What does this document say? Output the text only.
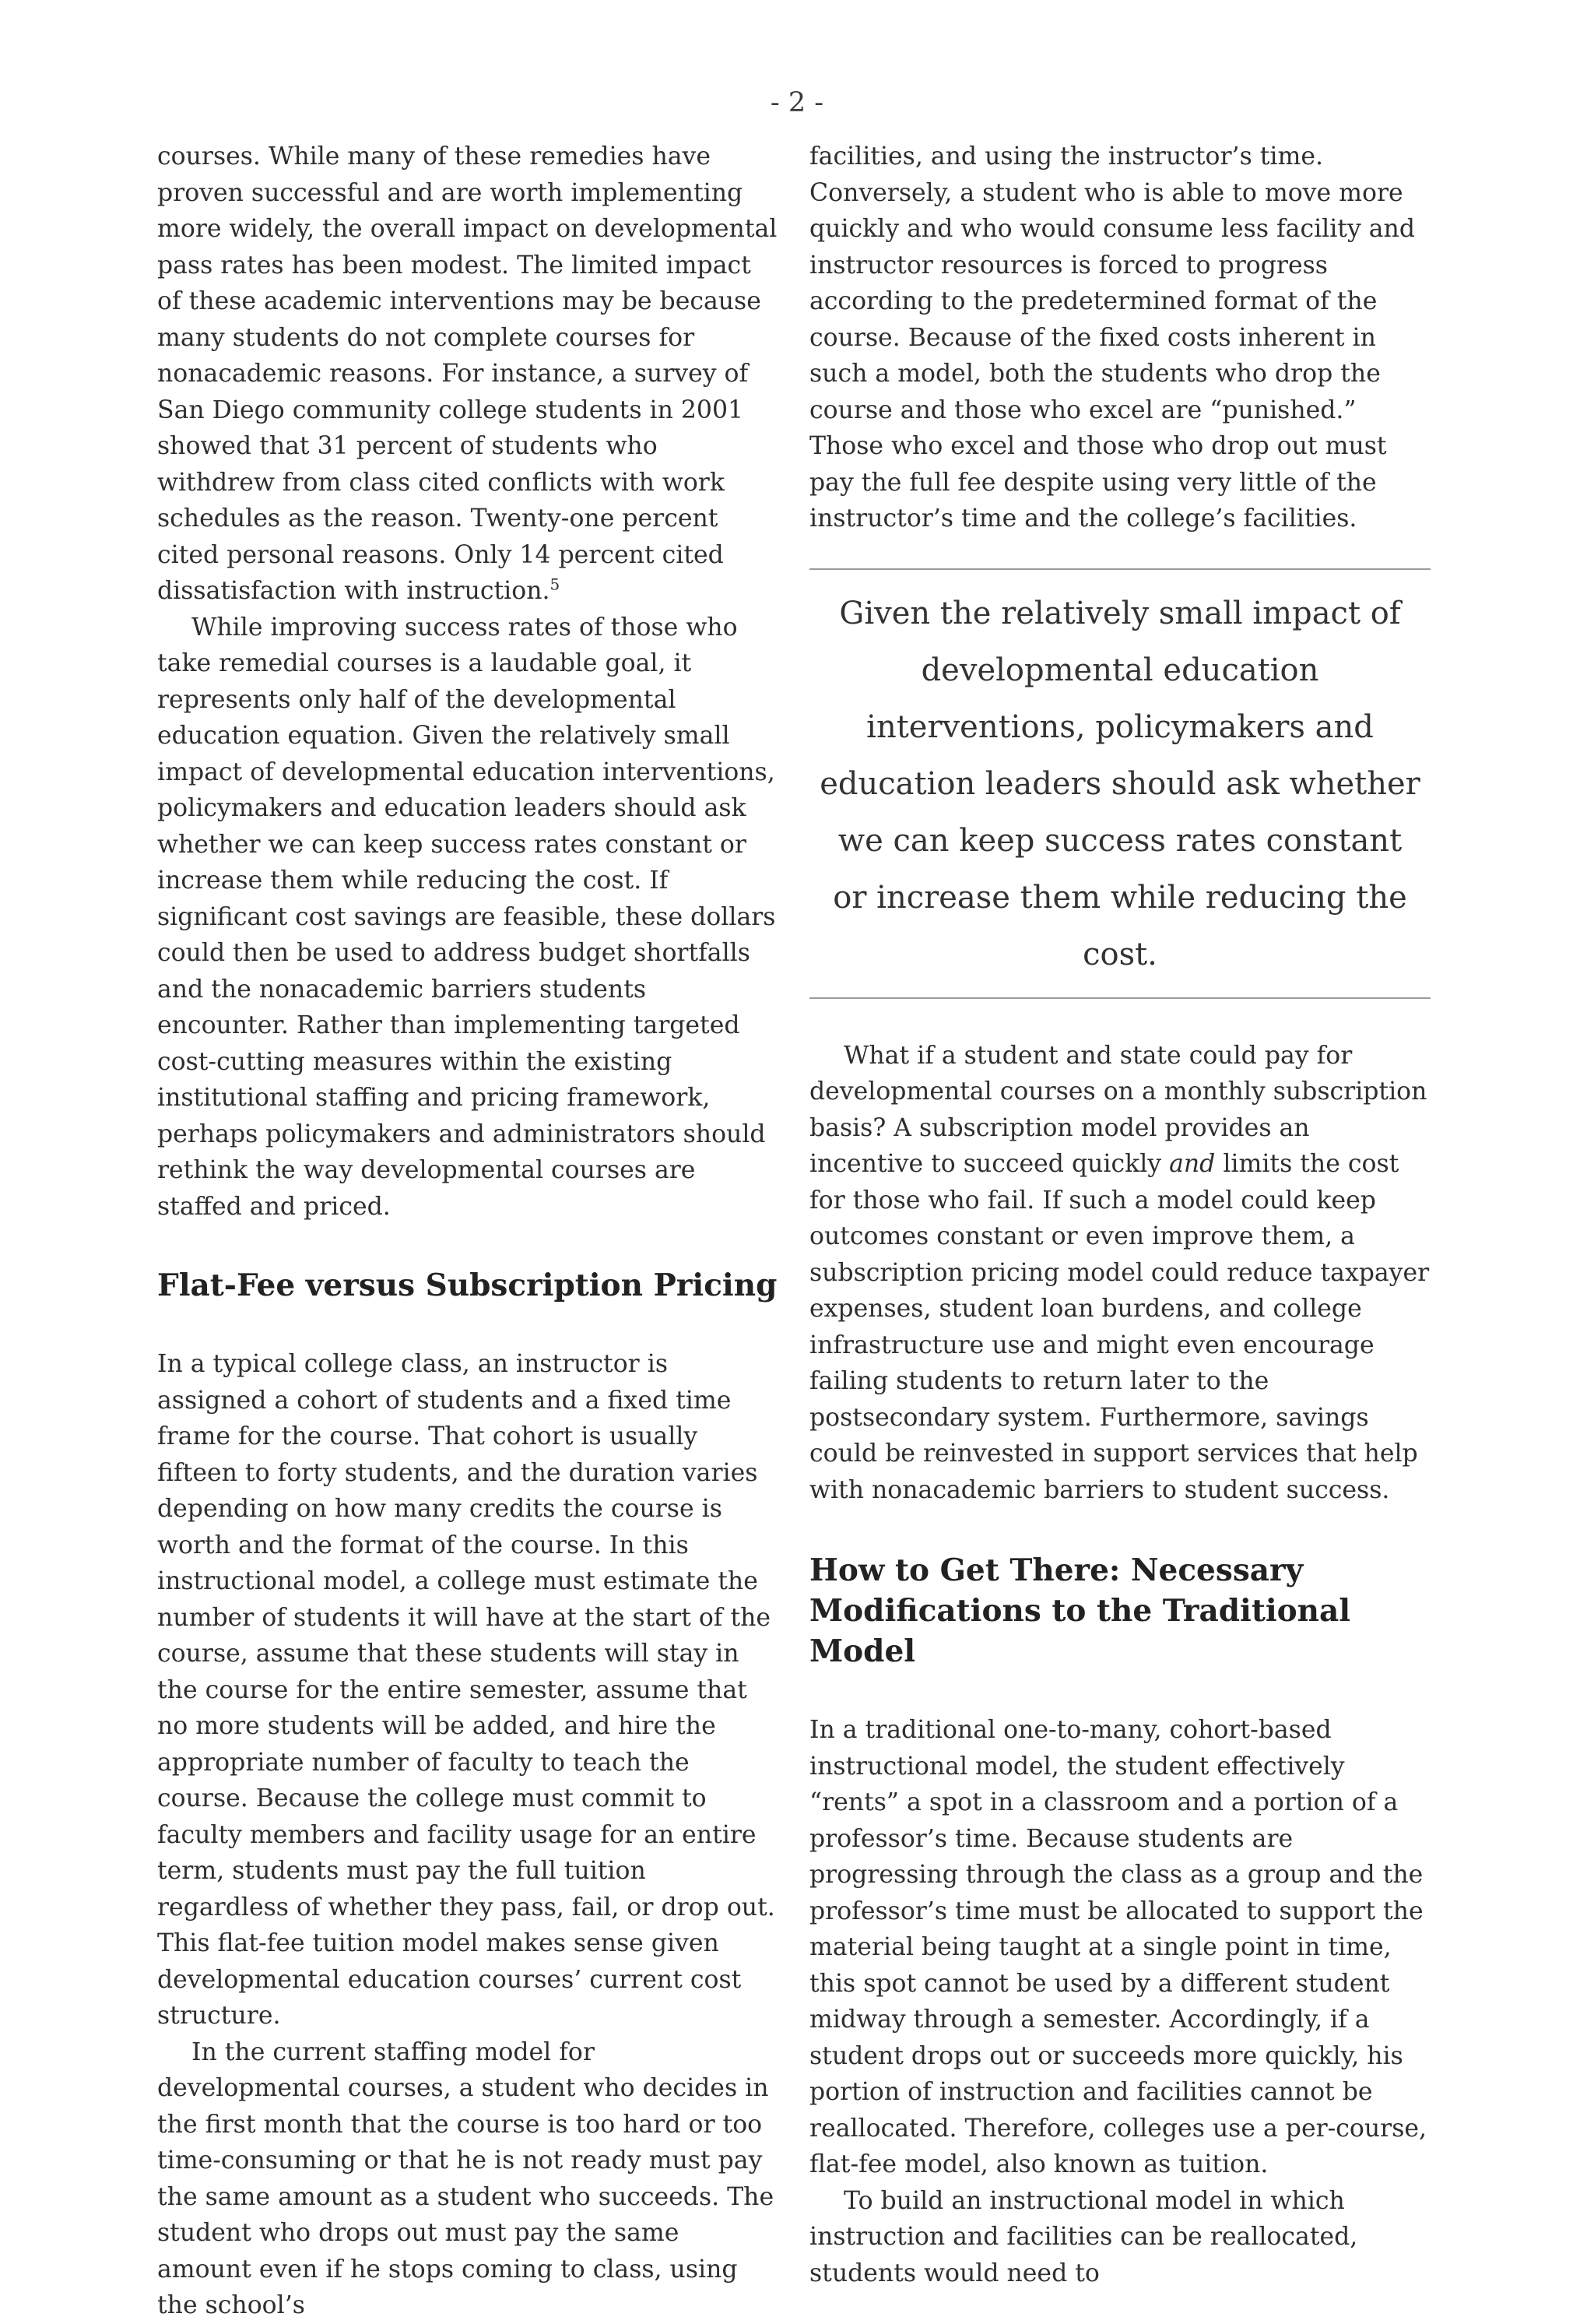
- 2 -

courses. While many of these remedies have proven successful and are worth implementing more widely, the overall impact on developmental pass rates has been modest. The limited impact of these academic interventions may be because many students do not complete courses for nonacademic reasons. For instance, a survey of San Diego community college students in 2001 showed that 31 percent of students who withdrew from class cited conflicts with work schedules as the reason. Twenty-one percent cited personal reasons. Only 14 percent cited dissatisfaction with instruction.$^5$

While improving success rates of those who take remedial courses is a laudable goal, it represents only half of the developmental education equation. Given the relatively small impact of developmental education interventions, policymakers and education leaders should ask whether we can keep success rates constant or increase them while reducing the cost. If significant cost savings are feasible, these dollars could then be used to address budget shortfalls and the nonacademic barriers students encounter. Rather than implementing targeted cost-cutting measures within the existing institutional staffing and pricing framework, perhaps policymakers and administrators should rethink the way developmental courses are staffed and priced.

Flat-Fee versus Subscription Pricing

In a typical college class, an instructor is assigned a cohort of students and a fixed time frame for the course. That cohort is usually fifteen to forty students, and the duration varies depending on how many credits the course is worth and the format of the course. In this instructional model, a college must estimate the number of students it will have at the start of the course, assume that these students will stay in the course for the entire semester, assume that no more students will be added, and hire the appropriate number of faculty to teach the course. Because the college must commit to faculty members and facility usage for an entire term, students must pay the full tuition regardless of whether they pass, fail, or drop out. This flat-fee tuition model makes sense given developmental education courses’ current cost structure.

In the current staffing model for developmental courses, a student who decides in the first month that the course is too hard or too time-consuming or that he is not ready must pay the same amount as a student who succeeds. The student who drops out must pay the same amount even if he stops coming to class, using the school’s

facilities, and using the instructor’s time. Conversely, a student who is able to move more quickly and who would consume less facility and instructor resources is forced to progress according to the predetermined format of the course. Because of the fixed costs inherent in such a model, both the students who drop the course and those who excel are “punished.” Those who excel and those who drop out must pay the full fee despite using very little of the instructor’s time and the college’s facilities.

Given the relatively small impact of developmental education interventions, policymakers and education leaders should ask whether we can keep success rates constant or increase them while reducing the cost.

What if a student and state could pay for developmental courses on a monthly subscription basis? A subscription model provides an incentive to succeed quickly and limits the cost for those who fail. If such a model could keep outcomes constant or even improve them, a subscription pricing model could reduce taxpayer expenses, student loan burdens, and college infrastructure use and might even encourage failing students to return later to the postsecondary system. Furthermore, savings could be reinvested in support services that help with nonacademic barriers to student success.

How to Get There: Necessary Modifications to the Traditional Model

In a traditional one-to-many, cohort-based instructional model, the student effectively “rents” a spot in a classroom and a portion of a professor’s time. Because students are progressing through the class as a group and the professor’s time must be allocated to support the material being taught at a single point in time, this spot cannot be used by a different student midway through a semester. Accordingly, if a student drops out or succeeds more quickly, his portion of instruction and facilities cannot be reallocated. Therefore, colleges use a per-course, flat-fee model, also known as tuition.

To build an instructional model in which instruction and facilities can be reallocated, students would need to
